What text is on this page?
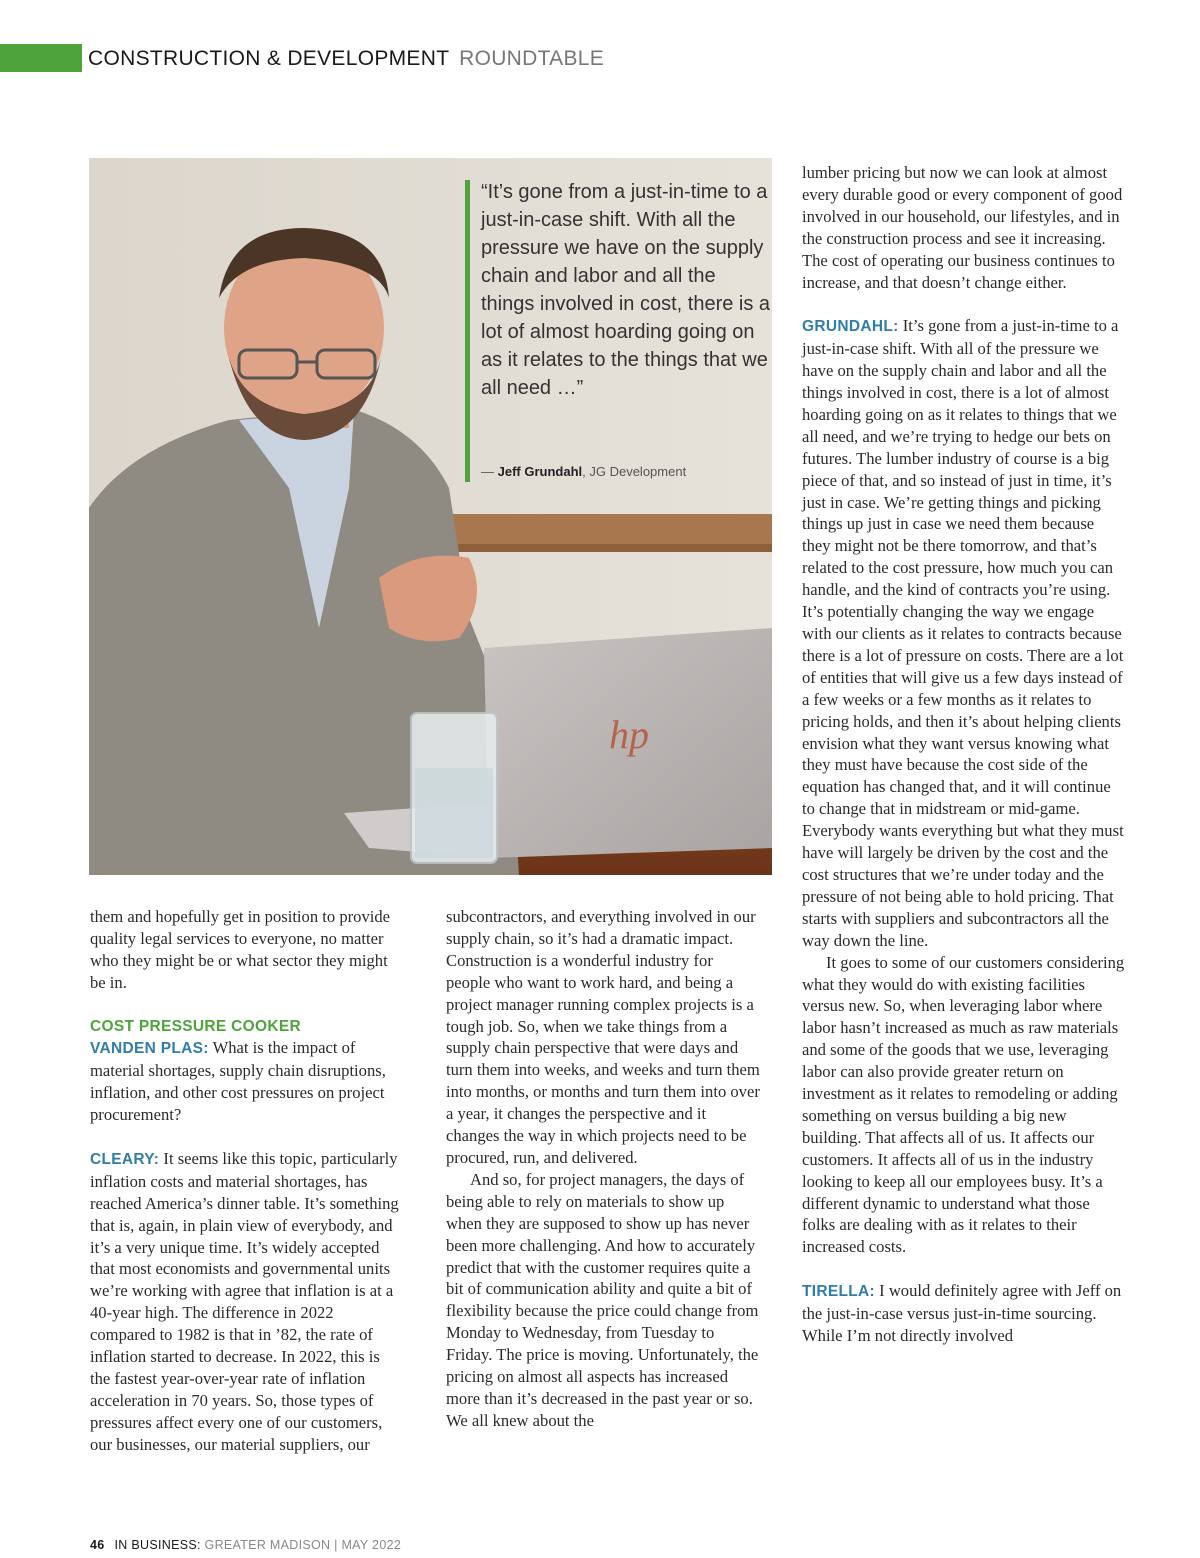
CONSTRUCTION & DEVELOPMENT ROUNDTABLE
hp
“It’s gone from a just-in-time to a just-in-case shift. With all the pressure we have on the supply chain and labor and all the things involved in cost, there is a lot of almost hoarding going on as it relates to the things that we all need …”
— Jeff Grundahl, JG Development

them and hopefully get in position to provide quality legal services to everyone, no matter who they might be or what sector they might be in.

COST PRESSURE COOKER

VANDEN PLAS: What is the impact of material shortages, supply chain disruptions, inflation, and other cost pressures on project procurement?

CLEARY: It seems like this topic, particularly inflation costs and material shortages, has reached America’s dinner table. It’s something that is, again, in plain view of everybody, and it’s a very unique time. It’s widely accepted that most economists and governmental units we’re working with agree that inflation is at a 40-year high. The difference in 2022 compared to 1982 is that in ’82, the rate of inflation started to decrease. In 2022, this is the fastest year-over-year rate of inflation acceleration in 70 years. So, those types of pressures affect every one of our customers, our businesses, our material suppliers, our

subcontractors, and everything involved in our supply chain, so it’s had a dramatic impact. Construction is a wonderful industry for people who want to work hard, and being a project manager running complex projects is a tough job. So, when we take things from a supply chain perspective that were days and turn them into weeks, and weeks and turn them into months, or months and turn them into over a year, it changes the perspective and it changes the way in which projects need to be procured, run, and delivered.

And so, for project managers, the days of being able to rely on materials to show up when they are supposed to show up has never been more challenging. And how to accurately predict that with the customer requires quite a bit of communication ability and quite a bit of flexibility because the price could change from Monday to Wednesday, from Tuesday to Friday. The price is moving. Unfortunately, the pricing on almost all aspects has increased more than it’s decreased in the past year or so. We all knew about the

lumber pricing but now we can look at almost every durable good or every component of good involved in our household, our lifestyles, and in the construction process and see it increasing. The cost of operating our business continues to increase, and that doesn’t change either.

GRUNDAHL: It’s gone from a just-in-time to a just-in-case shift. With all of the pressure we have on the supply chain and labor and all the things involved in cost, there is a lot of almost hoarding going on as it relates to things that we all need, and we’re trying to hedge our bets on futures. The lumber industry of course is a big piece of that, and so instead of just in time, it’s just in case. We’re getting things and picking things up just in case we need them because they might not be there tomorrow, and that’s related to the cost pressure, how much you can handle, and the kind of contracts you’re using. It’s potentially changing the way we engage with our clients as it relates to contracts because there is a lot of pressure on costs. There are a lot of entities that will give us a few days instead of a few weeks or a few months as it relates to pricing holds, and then it’s about helping clients envision what they want versus knowing what they must have because the cost side of the equation has changed that, and it will continue to change that in midstream or mid-game. Everybody wants everything but what they must have will largely be driven by the cost and the cost structures that we’re under today and the pressure of not being able to hold pricing. That starts with suppliers and subcontractors all the way down the line.

It goes to some of our customers considering what they would do with existing facilities versus new. So, when leveraging labor where labor hasn’t increased as much as raw materials and some of the goods that we use, leveraging labor can also provide greater return on investment as it relates to remodeling or adding something on versus building a big new building. That affects all of us. It affects our customers. It affects all of us in the industry looking to keep all our employees busy. It’s a different dynamic to understand what those folks are dealing with as it relates to their increased costs.

TIRELLA: I would definitely agree with Jeff on the just-in-case versus just-in-time sourcing. While I’m not directly involved

46 IN BUSINESS: GREATER MADISON | MAY 2022
